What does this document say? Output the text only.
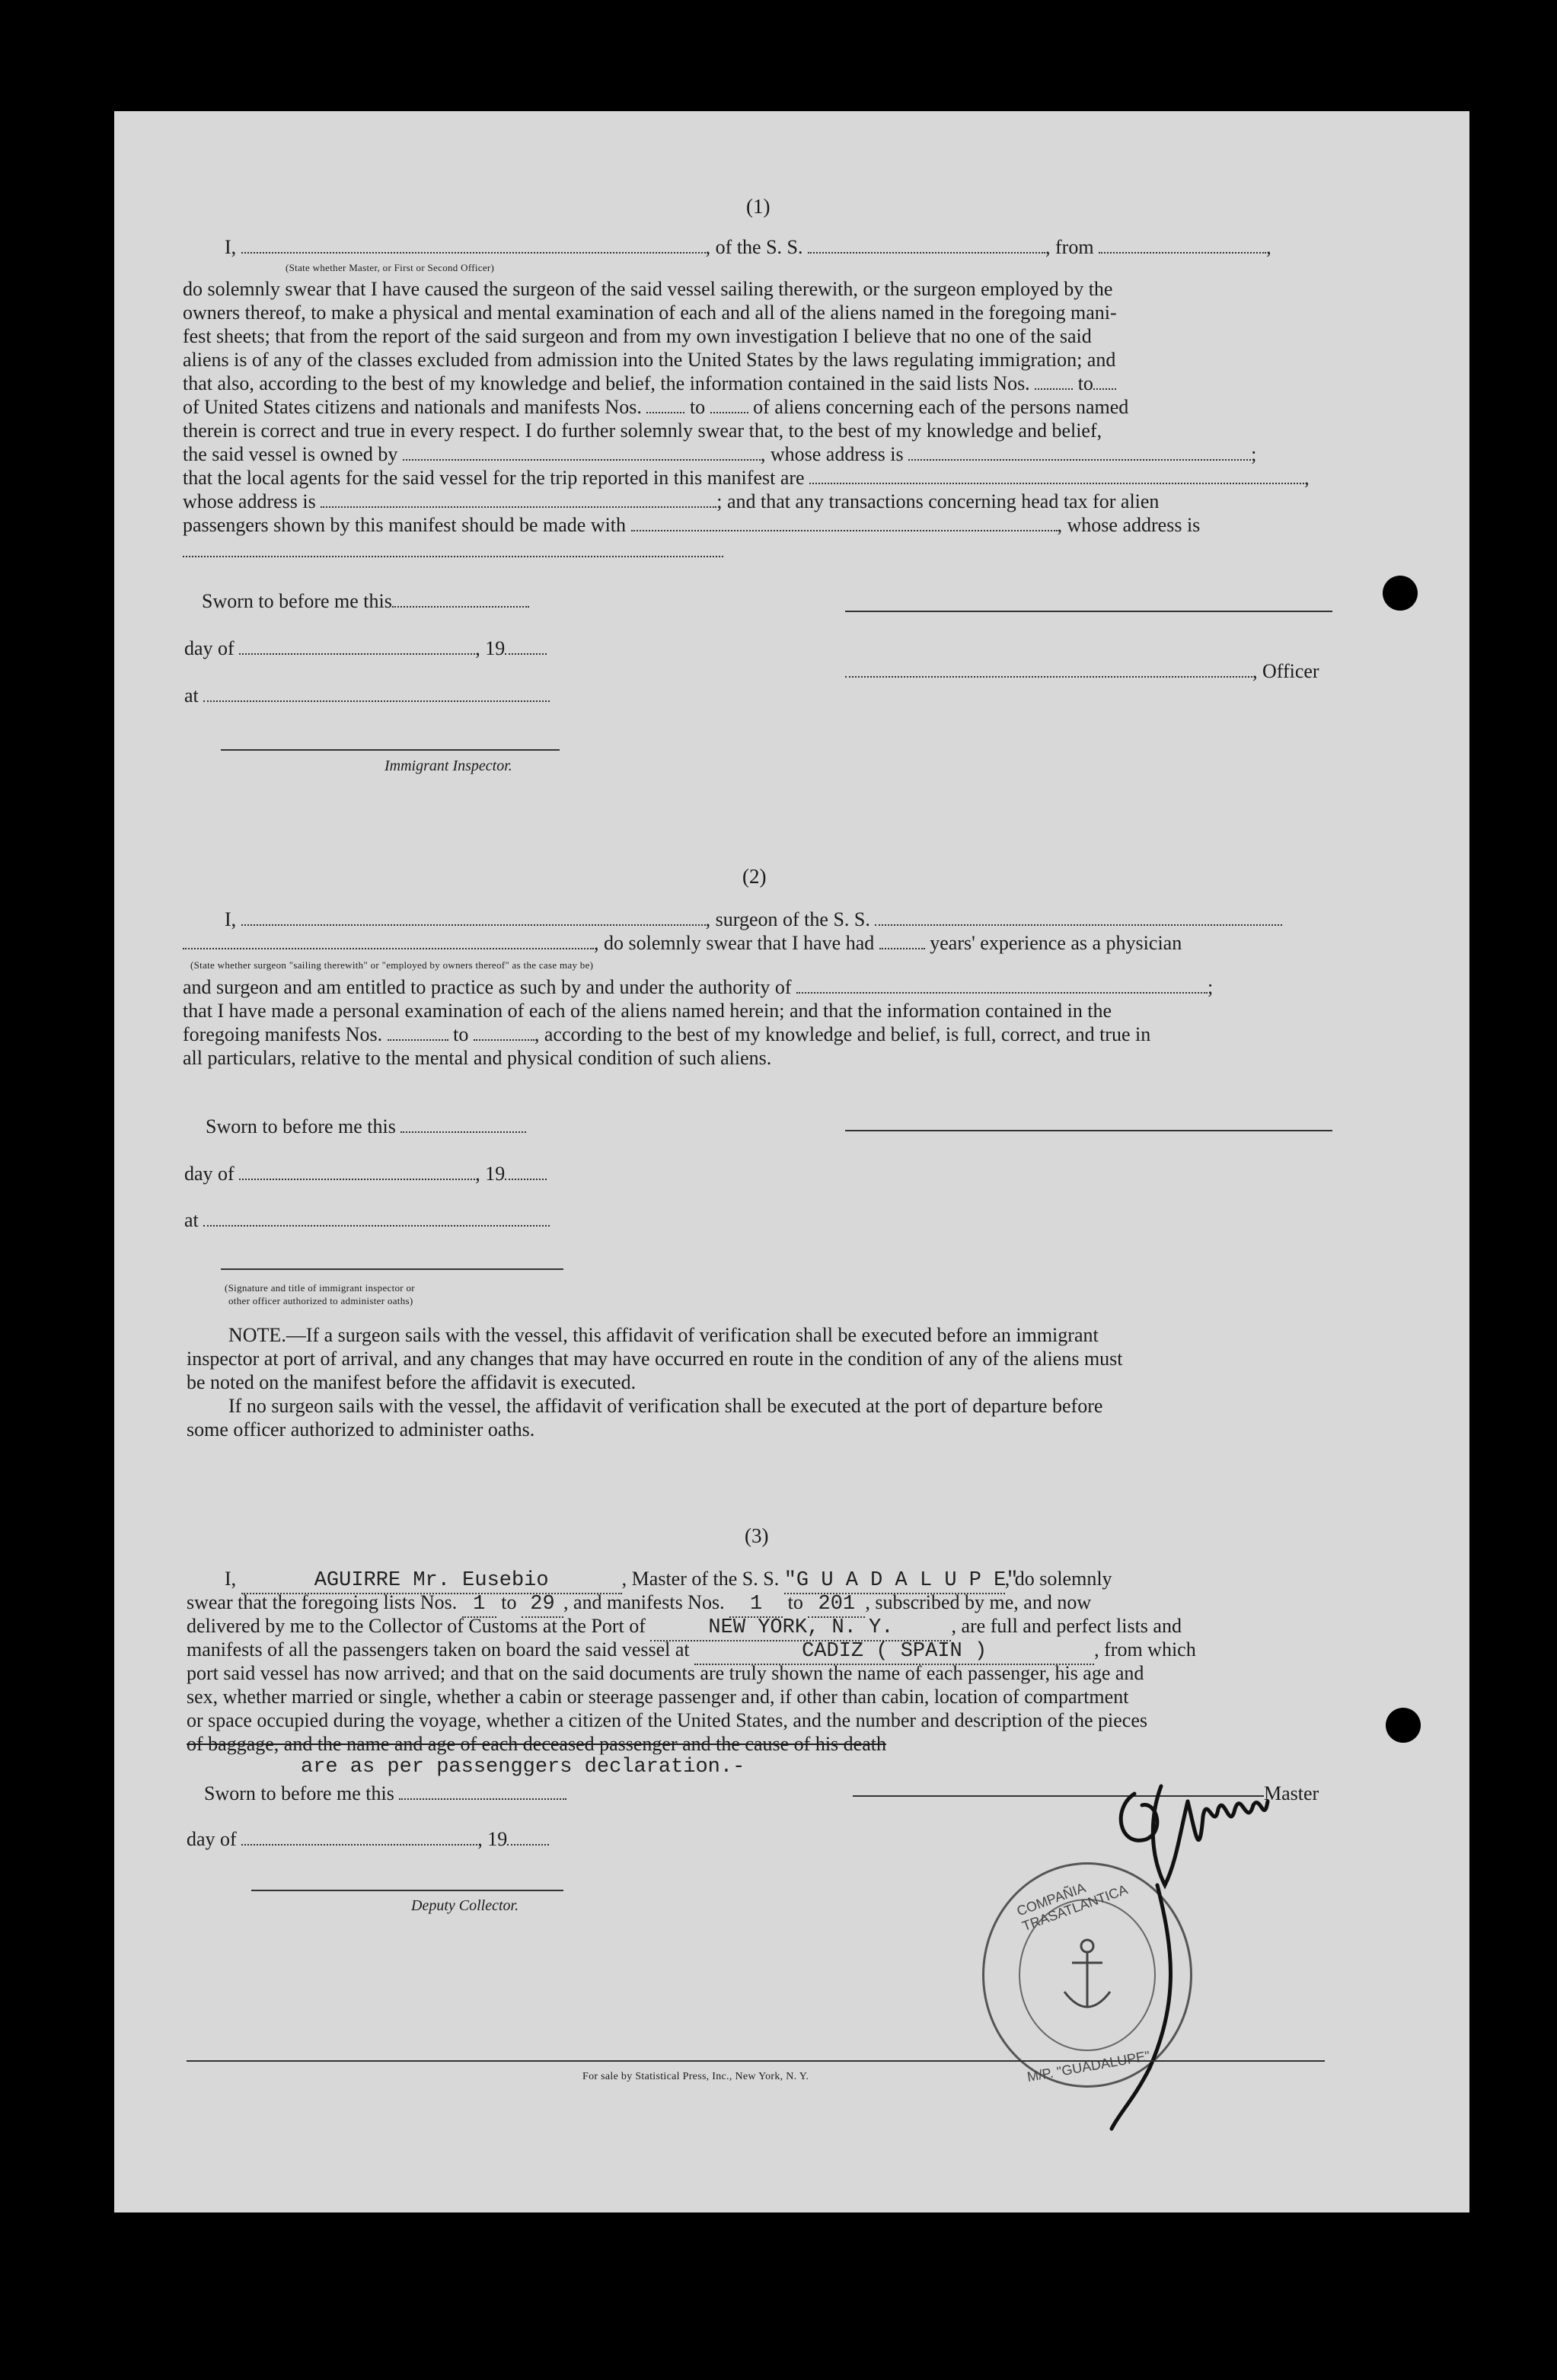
(1)
I,	, of the S. S.	, from	,
(State whether Master, or First or Second Officer)
do solemnly swear that I have caused the surgeon of the said vessel sailing therewith, or the surgeon employed by the
owners thereof, to make a physical and mental examination of each and all of the aliens named in the foregoing mani-
fest sheets; that from the report of the said surgeon and from my own investigation I believe that no one of the said
aliens is of any of the classes excluded from admission into the United States by the laws regulating immigration; and
that also, according to the best of my knowledge and belief, the information contained in the said lists Nos. to
of United States citizens and nationals and manifests Nos. to of aliens concerning each of the persons named
therein is correct and true in every respect. I do further solemnly swear that, to the best of my knowledge and belief,
the said vessel is owned by	, whose address is	;
that the local agents for the said vessel for the trip reported in this manifest are	,
whose address is	; and that any transactions concerning head tax for alien
passengers shown by this manifest should be made with	, whose address is
Sworn to before me this
day of	, 19
, Officer
at
Immigrant Inspector.
(2)
I,	, surgeon of the S. S.
, do solemnly swear that I have had	years' experience as a physician
(State whether surgeon "sailing therewith" or "employed by owners thereof" as the case may be)
and surgeon and am entitled to practice as such by and under the authority of	;
that I have made a personal examination of each of the aliens named herein; and that the information contained in the
foregoing manifests Nos.	to	, according to the best of my knowledge and belief, is full, correct, and true in
all particulars, relative to the mental and physical condition of such aliens.
Sworn to before me this
day of	, 19
at
(Signature and title of immigrant inspector or
other officer authorized to administer oaths)
NOTE.—If a surgeon sails with the vessel, this affidavit of verification shall be executed before an immigrant
inspector at port of arrival, and any changes that may have occurred en route in the condition of any of the aliens must
be noted on the manifest before the affidavit is executed.
If no surgeon sails with the vessel, the affidavit of verification shall be executed at the port of departure before
some officer authorized to administer oaths.
(3)
I,	AGUIRRE Mr. Eusebio	, Master of the S. S. "G U A D A L U P E", do solemnly
swear that the foregoing lists Nos. 1 to 29 , and manifests Nos. 1 to 201 , subscribed by me, and now
delivered by me to the Collector of Customs at the Port of	NEW YORK, N. Y.	, are full and perfect lists and
manifests of all the passengers taken on board the said vessel at	CADIZ ( SPAIN )	, from which
port said vessel has now arrived; and that on the said documents are truly shown the name of each passenger, his age and
sex, whether married or single, whether a cabin or steerage passenger and, if other than cabin, location of compartment
or space occupied during the voyage, whether a citizen of the United States, and the number and description of the pieces
of baggage, and the name and age of each deceased passenger and the cause of his death
are as per passenggers declaration.-
Sworn to before me this	Master
day of	, 19
Deputy Collector.	COMPAÑIA TRASATLANTICA
M/P. "GUADALUPE"
For sale by Statistical Press, Inc., New York, N. Y.
